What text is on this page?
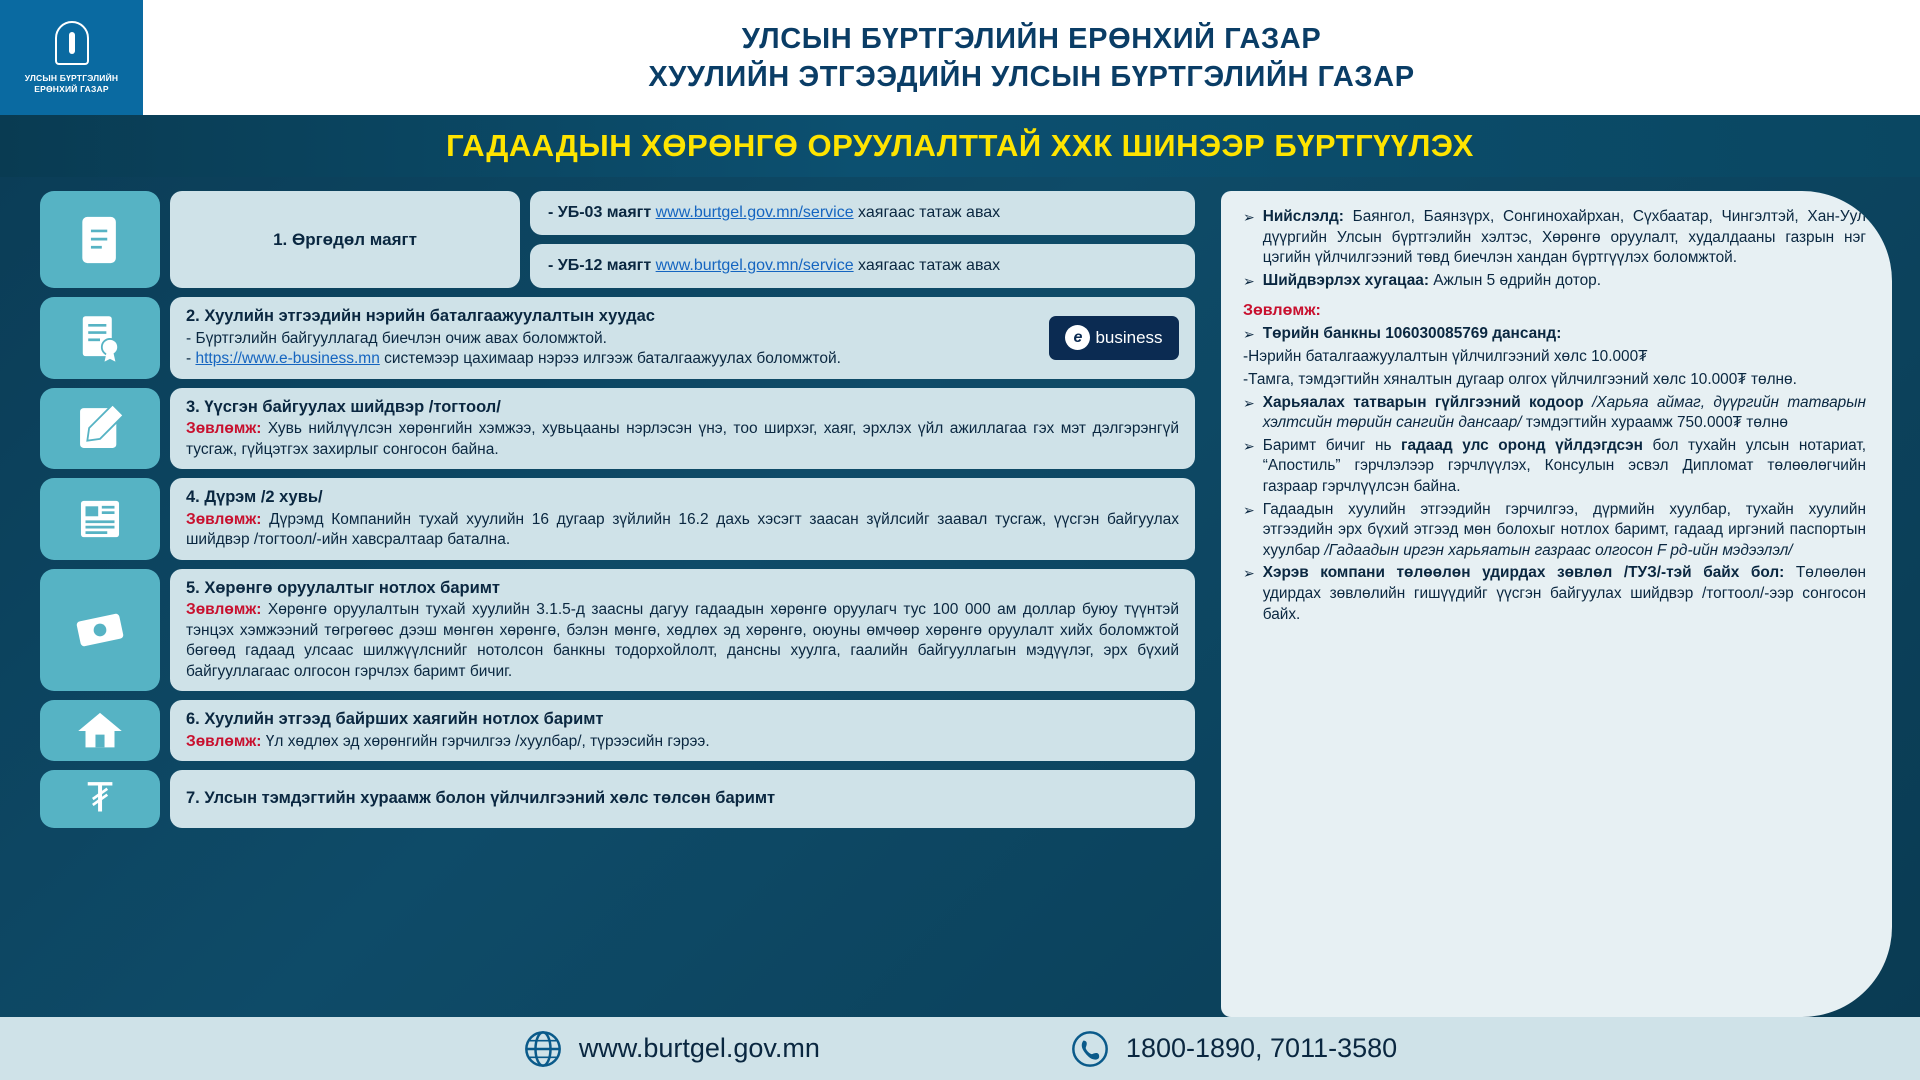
УЛСЫН БҮРТГЭЛИЙН
ЕРӨНХИЙ ГАЗАР
УЛСЫН БҮРТГЭЛИЙН ЕРӨНХИЙ ГАЗАР
ХУУЛИЙН ЭТГЭЭДИЙН УЛСЫН БҮРТГЭЛИЙН ГАЗАР
ГАДААДЫН ХӨРӨНГӨ ОРУУЛАЛТТАЙ ХХК ШИНЭЭР БҮРТГҮҮЛЭХ
1. Өргөдөл маягт
- УБ-03 маягт www.burtgel.gov.mn/service хаягаас татаж авах
- УБ-12 маягт www.burtgel.gov.mn/service хаягаас татаж авах
2. Хуулийн этгээдийн нэрийн баталгаажуулалтын хуудас
- Бүртгэлийн байгууллагад биечлэн очиж авах боломжтой.
- https://www.e-business.mn системээр цахимаар нэрээ илгээж баталгаажуулах боломжтой.
e business
3. Үүсгэн байгуулах шийдвэр /тогтоол/
Зөвлөмж: Хувь нийлүүлсэн хөрөнгийн хэмжээ, хувьцааны нэрлэсэн үнэ, тоо ширхэг, хаяг, эрхлэх үйл ажиллагаа гэх мэт дэлгэрэнгүй тусгаж, гүйцэтгэх захирлыг сонгосон байна.
4. Дүрэм /2 хувь/
Зөвлөмж: Дүрэмд Компанийн тухай хуулийн 16 дугаар зүйлийн 16.2 дахь хэсэгт заасан зүйлсийг заавал тусгаж, үүсгэн байгуулах шийдвэр /тогтоол/-ийн хавсралтаар баталнa.
5. Хөрөнгө оруулалтыг нотлох баримт
Зөвлөмж: Хөрөнгө оруулалтын тухай хуулийн 3.1.5-д заасны дагуу гадаадын хөрөнгө оруулагч тус 100 000 ам доллар буюу түүнтэй тэнцэх хэмжээний төгрөгөөс дээш мөнгөн хөрөнгө, бэлэн мөнгө, хөдлөх эд хөрөнгө, оюуны өмчөөр хөрөнгө оруулалт хийх боломжтой бөгөөд гадаад улсаас шилжүүлснийг нотолсон банкны тодорхойлолт, дансны хуулга, гаалийн байгууллагын мэдүүлэг, эрх бүхий байгууллагаас олгосон гэрчлэх баримт бичиг.
6. Хуулийн этгээд байрших хаягийн нотлох баримт
Зөвлөмж: Үл хөдлөх эд хөрөнгийн гэрчилгээ /хуулбар/, түрээсийн гэрээ.
₮	7. Улсын тэмдэгтийн хураамж болон үйлчилгээний хөлс төлсөн баримт
➢ Нийслэлд: Баянгол, Баянзүрх, Сонгинохайрхан, Сүхбаатар, Чингэлтэй, Хан-Уул дүүргийн Улсын бүртгэлийн хэлтэс, Хөрөнгө оруулалт, худалдааны газрын нэг цэгийн үйлчилгээний төвд биечлэн хандан бүртгүүлэх боломжтой.
➢ Шийдвэрлэх хугацаа: Ажлын 5 өдрийн дотор.
Зөвлөмж:
➢ Төрийн банкны 106030085769 дансанд:
-Нэрийн баталгаажуулалтын үйлчилгээний хөлс 10.000₮
-Тамга, тэмдэгтийн хяналтын дугаар олгох үйлчилгээний хөлс 10.000₮ төлнө.
➢ Харьяалах татварын гүйлгээний кодоор /Харьяа аймаг, дүүргийн татварын хэлтсийн төрийн сангийн дансаар/ тэмдэгтийн хураамж 750.000₮ төлнө
➢ Баримт бичиг нь гадаад улс оронд үйлдэгдсэн бол тухайн улсын нотариат, “Апостиль” гэрчлэлээр гэрчлүүлэх, Консулын эсвэл Дипломат төлөөлөгчийн газраар гэрчлүүлсэн байна.
➢ Гадаадын хуулийн этгээдийн гэрчилгээ, дүрмийн хуулбар, тухайн хуулийн этгээдийн эрх бүхий этгээд мөн болохыг нотлох баримт, гадаад иргэний паспортын хуулбар /Гадаадын иргэн харьяатын газраас олгосон F рд-ийн мэдээлэл/
➢ Хэрэв компани төлөөлөн удирдах зөвлөл /ТУЗ/-тэй байх бол: Төлөөлөн удирдах зөвлөлийн гишүүдийг үүсгэн байгуулах шийдвэр /тогтоол/-ээр сонгосон байх.
www.burtgel.gov.mn	1800-1890, 7011-3580
